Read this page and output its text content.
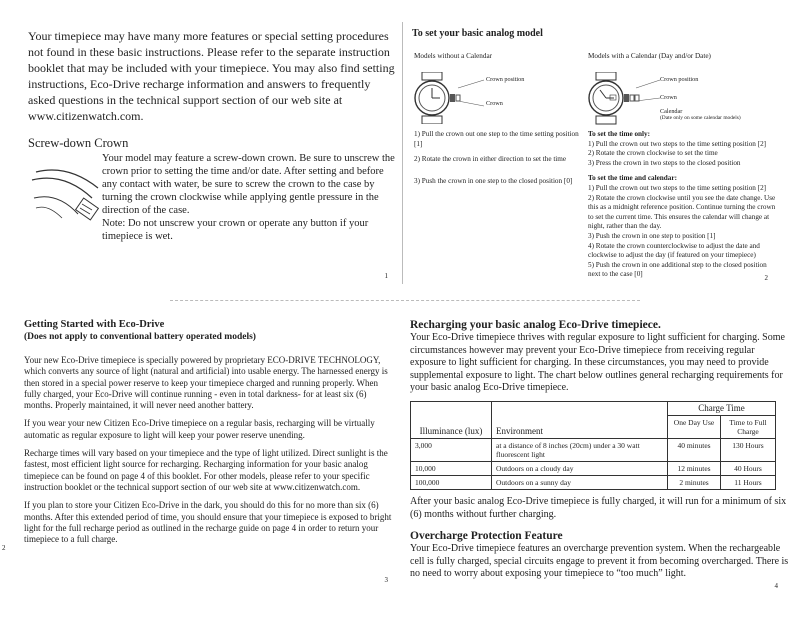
Your timepiece may have many more features or special setting procedures not found in these basic instructions. Please refer to the separate instruction booklet that may be included with your timepiece. You may also find setting instructions, Eco-Drive recharge information and answers to frequently asked questions in the technical support section of our web site at www.citizenwatch.com.

Screw-down Crown

Your model may feature a screw-down crown. Be sure to unscrew the crown prior to setting the time and/or date. After setting and before any contact with water, be sure to screw the crown to the case by turning the crown clockwise while applying gentle pressure in the direction of the case.

Note: Do not unscrew your crown or operate any button if your timepiece is wet.

1
To set your basic analog model

Models without a Calendar	Models with a Calendar (Day and/or Date)

Crown position
Crown
Crown position
Crown
Calendar
(Date only on some calendar models)

1) Pull the crown out one step to the time setting position [1]

2) Rotate the crown in either direction to set the time

3) Push the crown in one step to the closed position [0]

To set the time only:

1) Pull the crown out two steps to the time setting position [2]

2) Rotate the crown clockwise to set the time

3) Press the crown in two steps to the closed position

To set the time and calendar:

1) Pull the crown out two steps to the time setting position [2]

2) Rotate the crown clockwise until you see the date change. Use this as a midnight reference position. Continue turning the crown to set the current time. This ensures the calendar will change at night, rather than the day.

3) Push the crown in one step to position [1]

4) Rotate the crown counterclockwise to adjust the date and clockwise to adjust the day (if featured on your timepiece)

5) Push the crown in one additional step to the closed position next to the case [0]	2
Getting Started with Eco-Drive
(Does not apply to conventional battery operated models)

Your new Eco-Drive timepiece is specially powered by proprietary ECO-DRIVE TECHNOLOGY, which converts any source of light (natural and artificial) into usable energy. The harnessed energy is then stored in a special power reserve to keep your timepiece charged and running properly. When fully charged, your Eco-Drive will continue running - even in total darkness- for at least six (6) months. Properly maintained, it will never need another battery.

If you wear your new Citizen Eco-Drive timepiece on a regular basis, recharging will be virtually automatic as regular exposure to light will keep your power reserve unending.

Recharge times will vary based on your timepiece and the type of light utilized. Direct sunlight is the fastest, most efficient light source for recharging. Recharging information for your basic analog timepiece can be found on page 4 of this booklet. For other models, please refer to your specific instruction booklet or the technical support section of our web site at www.citizenwatch.com.

If you plan to store your Citizen Eco-Drive in the dark, you should do this for no more than six (6) months. After this extended period of time, you should ensure that your timepiece is exposed to bright light for the full recharge period as outlined in the recharge guide on page 4 in order to return your timepiece to a full charge.

2
3
Recharging your basic analog Eco-Drive timepiece.

Your Eco-Drive timepiece thrives with regular exposure to light sufficient for charging. Some circumstances however may prevent your Eco-Drive timepiece from receiving regular exposure to light sufficient for charging. In these circumstances, you may need to provide supplemental exposure to light. The chart below outlines general recharging requirements for your basic analog Eco-Drive timepiece.

		Charge Time	
Illuminance (lux)	Environment	One Day Use	Time to Full Charge
3,000	at a distance of 8 inches (20cm) under a 30 watt fluorescent light	40 minutes	130 Hours
10,000	Outdoors on a cloudy day	12 minutes	40 Hours
100,000	Outdoors on a sunny day	2 minutes	11 Hours

After your basic analog Eco-Drive timepiece is fully charged, it will run for a minimum of six (6) months without further charging.

Overcharge Protection Feature

Your Eco-Drive timepiece features an overcharge prevention system. When the rechargeable cell is fully charged, special circuits engage to prevent it from becoming overcharged. There is no need to worry about exposing your timepiece to “too much” light.

4
